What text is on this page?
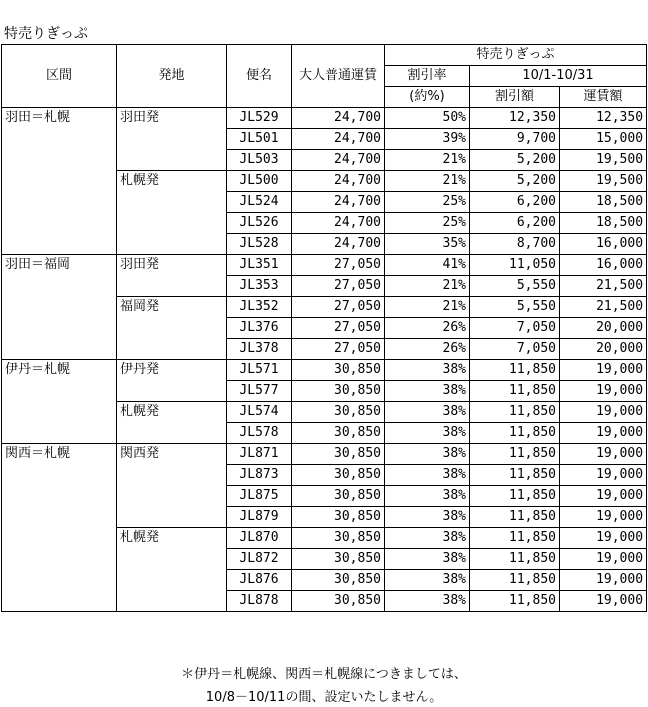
特売りぎっぷ
区間	発地	便名	大人普通運賃	特売りぎっぷ		
				割引率	10/1-10/31	
				(約%)	割引額	運賃額
羽田＝札幌	羽田発	JL529	24,700	50%	12,350	12,350
		JL501	24,700	39%	9,700	15,000
		JL503	24,700	21%	5,200	19,500
	札幌発	JL500	24,700	21%	5,200	19,500
		JL524	24,700	25%	6,200	18,500
		JL526	24,700	25%	6,200	18,500
		JL528	24,700	35%	8,700	16,000
羽田＝福岡	羽田発	JL351	27,050	41%	11,050	16,000
		JL353	27,050	21%	5,550	21,500
	福岡発	JL352	27,050	21%	5,550	21,500
		JL376	27,050	26%	7,050	20,000
		JL378	27,050	26%	7,050	20,000
伊丹＝札幌	伊丹発	JL571	30,850	38%	11,850	19,000
		JL577	30,850	38%	11,850	19,000
	札幌発	JL574	30,850	38%	11,850	19,000
		JL578	30,850	38%	11,850	19,000
関西＝札幌	関西発	JL871	30,850	38%	11,850	19,000
		JL873	30,850	38%	11,850	19,000
		JL875	30,850	38%	11,850	19,000
		JL879	30,850	38%	11,850	19,000
	札幌発	JL870	30,850	38%	11,850	19,000
		JL872	30,850	38%	11,850	19,000
		JL876	30,850	38%	11,850	19,000
		JL878	30,850	38%	11,850	19,000
＊伊丹＝札幌線、関西＝札幌線につきましては、
10/8－10/11の間、設定いたしません。
